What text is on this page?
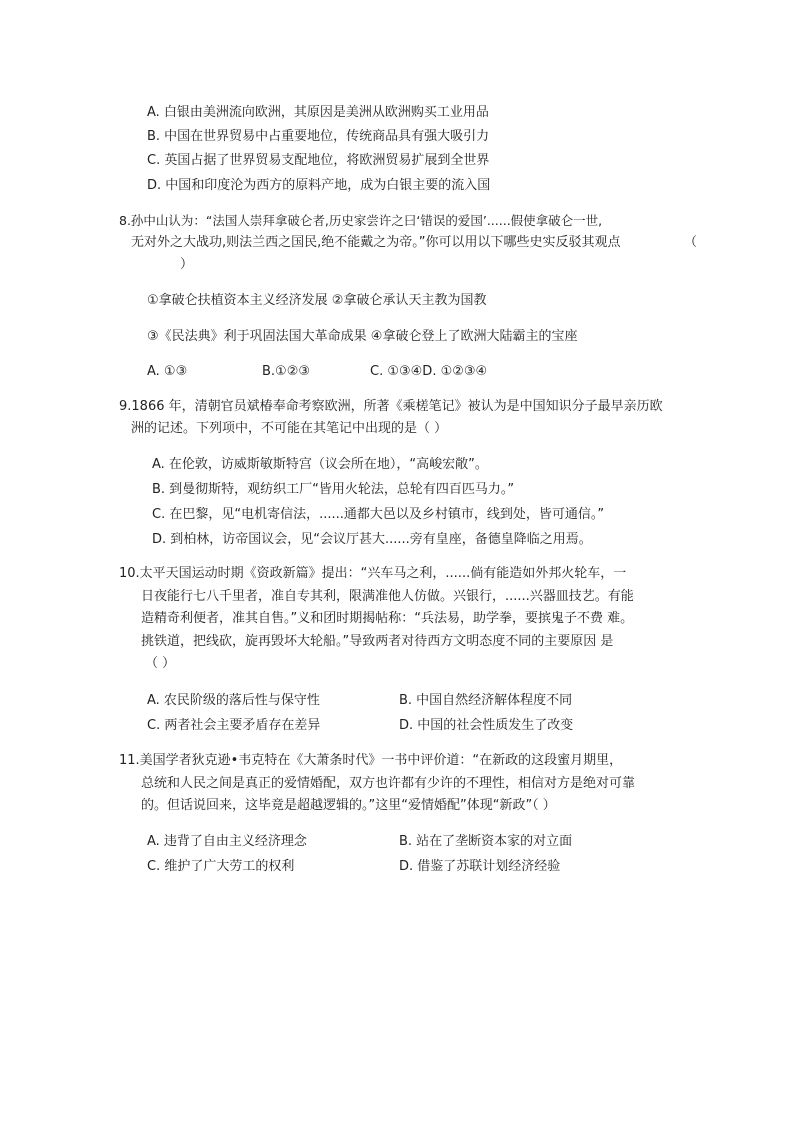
A. 白银由美洲流向欧洲，其原因是美洲从欧洲购买工业用品
B. 中国在世界贸易中占重要地位，传统商品具有强大吸引力
C. 英国占据了世界贸易支配地位，将欧洲贸易扩展到全世界
D. 中国和印度沦为西方的原料产地，成为白银主要的流入国
8.孙中山认为：“法国人崇拜拿破仑者,历史家尝许之曰‘错误的爱国’......假使拿破仑一世,
无对外之大战功,则法兰西之国民,绝不能戴之为帝。”你可以用以下哪些史实反驳其观点	（
）
①拿破仑扶植资本主义经济发展 ②拿破仑承认天主教为国教
③《民法典》利于巩固法国大革命成果 ④拿破仑登上了欧洲大陆霸主的宝座
A. ①③	B.①②③	C. ①③④D. ①②③④
9.1866 年，清朝官员斌椿奉命考察欧洲，所著《乘槎笔记》被认为是中国知识分子最早亲历欧
洲的记述。下列项中，不可能在其笔记中出现的是（ ）
A. 在伦敦，访威斯敏斯特宫（议会所在地），“高峻宏敞”。
B. 到曼彻斯特，观纺织工厂“皆用火轮法，总轮有四百匹马力。”
C. 在巴黎，见“电机寄信法，......通都大邑以及乡村镇市，线到处，皆可通信。”
D. 到柏林，访帝国议会，见“会议厅甚大......旁有皇座，备德皇降临之用焉。
10.太平天国运动时期《资政新篇》提出：“兴车马之利，......倘有能造如外邦火轮车，一
日夜能行七八千里者，准自专其利，限满准他人仿做。兴银行，......兴器皿技艺。有能
造精奇利便者，准其自售。”义和团时期揭帖称：“兵法易，助学拳，要摈鬼子不费 难。
挑铁道，把线砍，旋再毁坏大轮船。”导致两者对待西方文明态度不同的主要原因 是
（ ）
A. 农民阶级的落后性与保守性	B. 中国自然经济解体程度不同
C. 两者社会主要矛盾存在差异	D. 中国的社会性质发生了改变
11.美国学者狄克逊•韦克特在《大萧条时代》一书中评价道：“在新政的这段蜜月期里，
总统和人民之间是真正的爱情婚配，双方也许都有少许的不理性，相信对方是绝对可靠
的。但话说回来，这毕竟是超越逻辑的。”这里“爱情婚配”体现“新政”（ ）
A. 违背了自由主义经济理念	B. 站在了垄断资本家的对立面
C. 维护了广大劳工的权利	D. 借鉴了苏联计划经济经验
